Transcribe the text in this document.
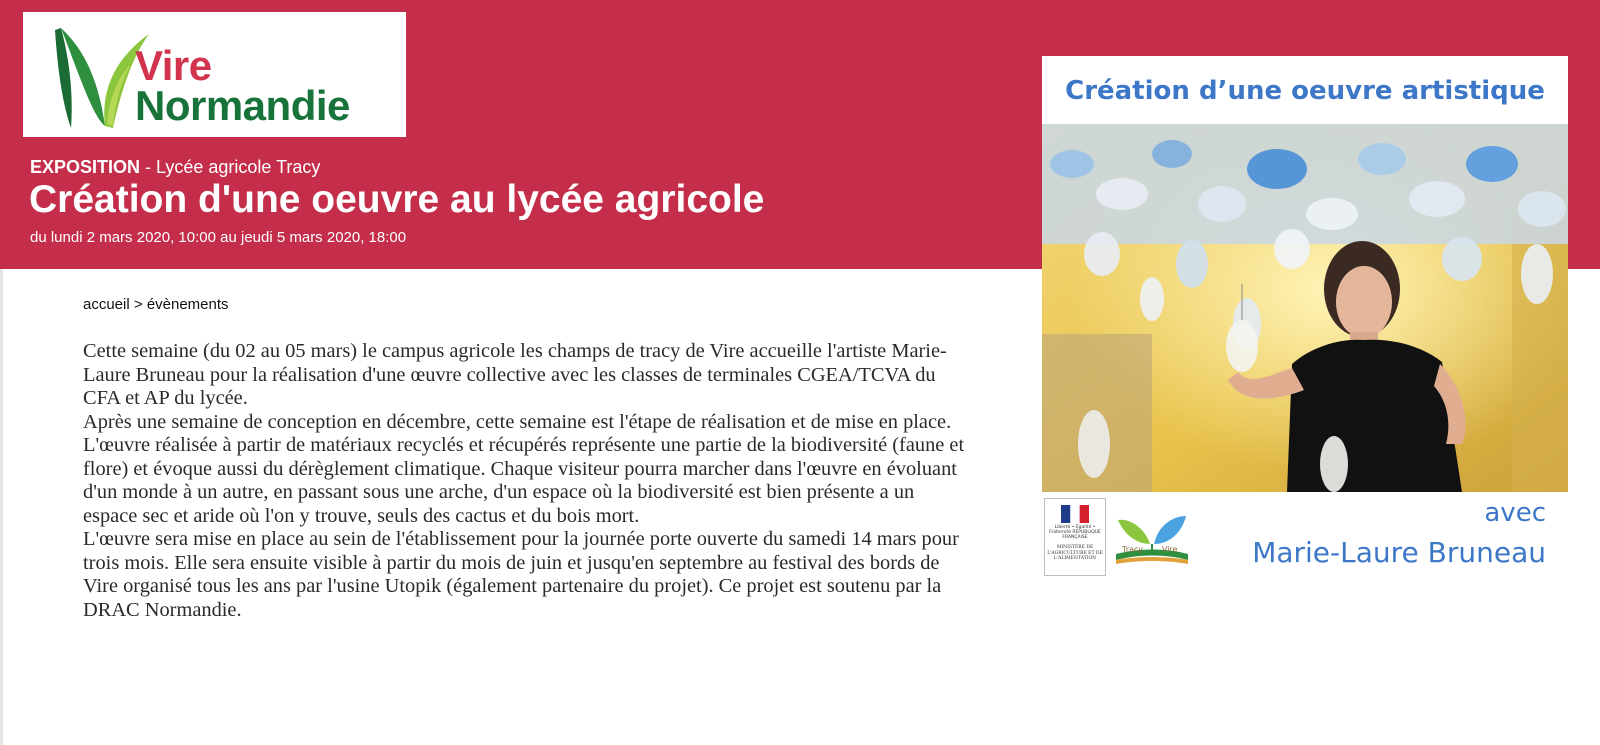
Vire
Normandie
EXPOSITION - Lycée agricole Tracy
Création d'une oeuvre au lycée agricole
du lundi 2 mars 2020, 10:00 au jeudi 5 mars 2020, 18:00
accueil > évènements

Cette semaine (du 02 au 05 mars) le campus agricole les champs de tracy de Vire accueille l'artiste Marie-Laure Bruneau pour la réalisation d'une œuvre collective avec les classes de terminales CGEA/TCVA du CFA et AP du lycée.

Après une semaine de conception en décembre, cette semaine est l'étape de réalisation et de mise en place. L'œuvre réalisée à partir de matériaux recyclés et récupérés représente une partie de la biodiversité (faune et flore) et évoque aussi du dérèglement climatique. Chaque visiteur pourra marcher dans l'œuvre en évoluant d'un monde à un autre, en passant sous une arche, d'un espace où la biodiversité est bien présente a un espace sec et aride où l'on y trouve, seuls des cactus et du bois mort.

L'œuvre sera mise en place au sein de l'établissement pour la journée porte ouverte du samedi 14 mars pour trois mois. Elle sera ensuite visible à partir du mois de juin et jusqu'en septembre au festival des bords de Vire organisé tous les ans par l'usine Utopik (également partenaire du projet). Ce projet est soutenu par la DRAC Normandie.

Création d’une oeuvre artistique
Liberté • Égalité • Fraternité RÉPUBLIQUE FRANÇAISE
MINISTÈRE DE L'AGRICULTURE ET DE L'ALIMENTATION
Tracy Vire
avec
Marie-Laure Bruneau
